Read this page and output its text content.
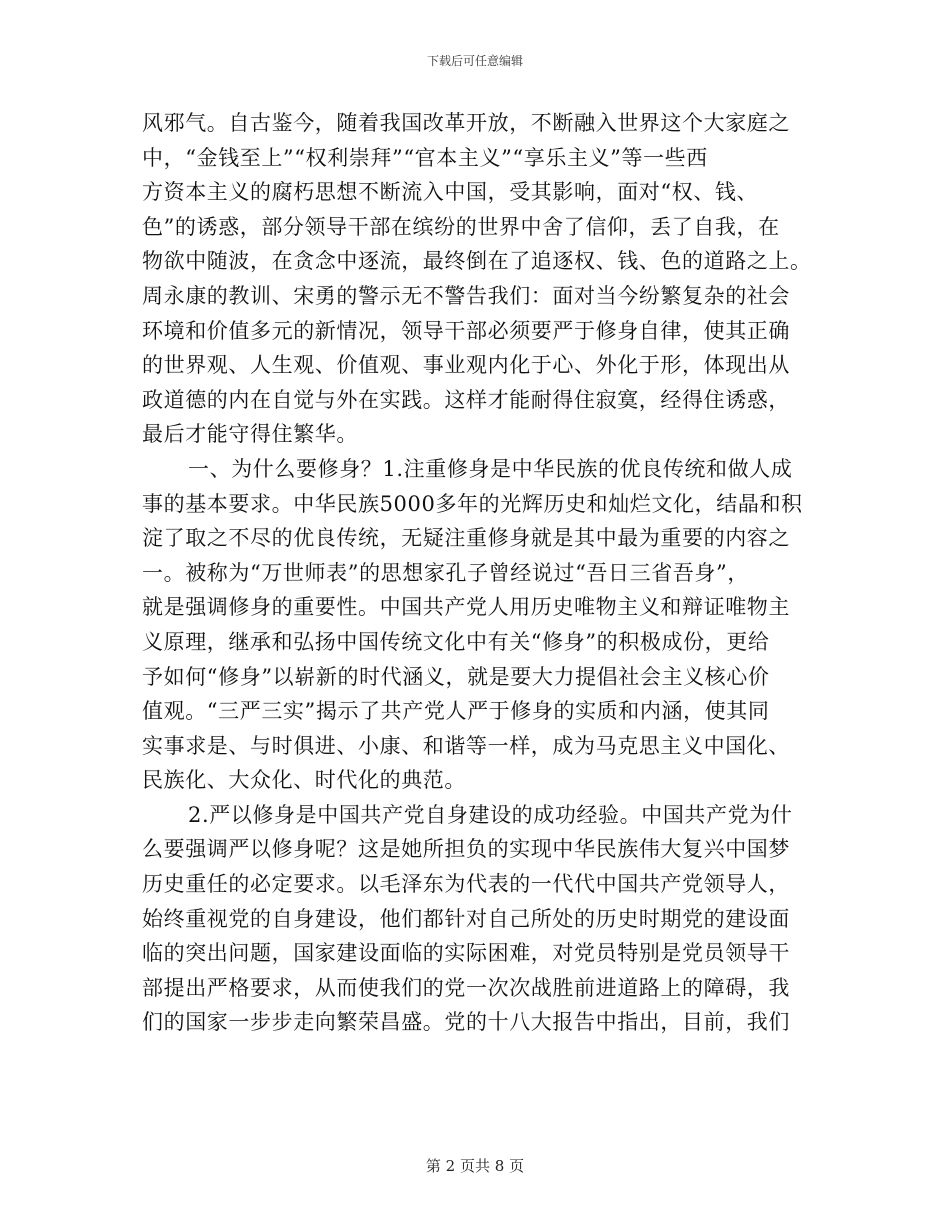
下载后可任意编辑
风邪气。自古鉴今，随着我国改革开放，不断融入世界这个大家庭之
中，“金钱至上”“权利崇拜”“官本主义”“享乐主义”等一些西
方资本主义的腐朽思想不断流入中国，受其影响，面对“权、钱、
色”的诱惑，部分领导干部在缤纷的世界中舍了信仰，丢了自我，在
物欲中随波，在贪念中逐流，最终倒在了追逐权、钱、色的道路之上。
周永康的教训、宋勇的警示无不警告我们：面对当今纷繁复杂的社会
环境和价值多元的新情况，领导干部必须要严于修身自律，使其正确
的世界观、人生观、价值观、事业观内化于心、外化于形，体现出从
政道德的内在自觉与外在实践。这样才能耐得住寂寞，经得住诱惑，
最后才能守得住繁华。
一、为什么要修身？1.注重修身是中华民族的优良传统和做人成
事的基本要求。中华民族5000多年的光辉历史和灿烂文化，结晶和积
淀了取之不尽的优良传统，无疑注重修身就是其中最为重要的内容之
一。被称为“万世师表”的思想家孔子曾经说过“吾日三省吾身”，
就是强调修身的重要性。中国共产党人用历史唯物主义和辩证唯物主
义原理，继承和弘扬中国传统文化中有关“修身”的积极成份，更给
予如何“修身”以崭新的时代涵义，就是要大力提倡社会主义核心价
值观。“三严三实”揭示了共产党人严于修身的实质和内涵，使其同
实事求是、与时俱进、小康、和谐等一样，成为马克思主义中国化、
民族化、大众化、时代化的典范。
2.严以修身是中国共产党自身建设的成功经验。中国共产党为什
么要强调严以修身呢？这是她所担负的实现中华民族伟大复兴中国梦
历史重任的必定要求。以毛泽东为代表的一代代中国共产党领导人，
始终重视党的自身建设，他们都针对自己所处的历史时期党的建设面
临的突出问题，国家建设面临的实际困难，对党员特别是党员领导干
部提出严格要求，从而使我们的党一次次战胜前进道路上的障碍，我
们的国家一步步走向繁荣昌盛。党的十八大报告中指出，目前，我们
第 2 页共 8 页
